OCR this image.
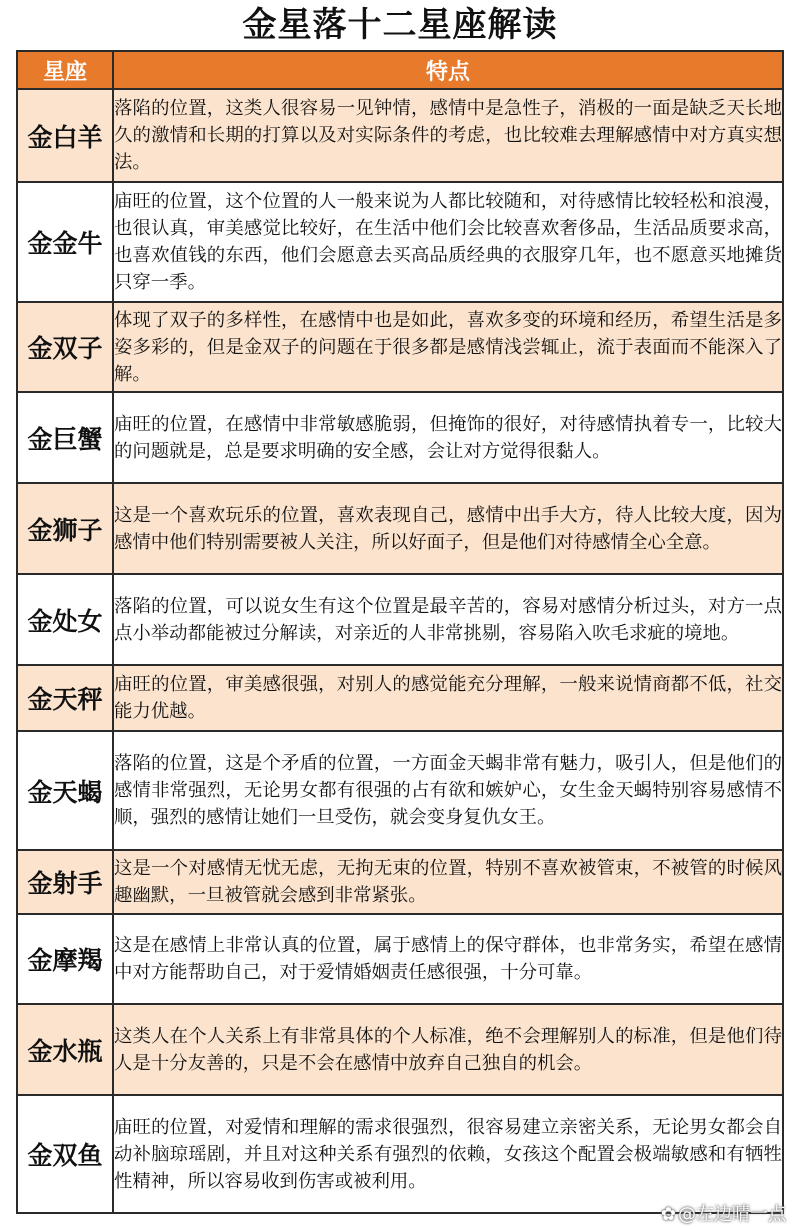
金星落十二星座解读
星座	特点
金白羊	落陷的位置，这类人很容易一见钟情，感情中是急性子，消极的一面是缺乏天长地久的激情和长期的打算以及对实际条件的考虑，也比较难去理解感情中对方真实想法。
金金牛	庙旺的位置，这个位置的人一般来说为人都比较随和，对待感情比较轻松和浪漫，也很认真，审美感觉比较好，在生活中他们会比较喜欢奢侈品，生活品质要求高，也喜欢值钱的东西，他们会愿意去买高品质经典的衣服穿几年，也不愿意买地摊货只穿一季。
金双子	体现了双子的多样性，在感情中也是如此，喜欢多变的环境和经历，希望生活是多姿多彩的，但是金双子的问题在于很多都是感情浅尝辄止，流于表面而不能深入了解。
金巨蟹	庙旺的位置，在感情中非常敏感脆弱，但掩饰的很好，对待感情执着专一，比较大的问题就是，总是要求明确的安全感，会让对方觉得很黏人。
金狮子	这是一个喜欢玩乐的位置，喜欢表现自己，感情中出手大方，待人比较大度，因为感情中他们特别需要被人关注，所以好面子，但是他们对待感情全心全意。
金处女	落陷的位置，可以说女生有这个位置是最辛苦的，容易对感情分析过头，对方一点点小举动都能被过分解读，对亲近的人非常挑剔，容易陷入吹毛求疵的境地。
金天秤	庙旺的位置，审美感很强，对别人的感觉能充分理解，一般来说情商都不低，社交能力优越。
金天蝎	落陷的位置，这是个矛盾的位置，一方面金天蝎非常有魅力，吸引人，但是他们的感情非常强烈，无论男女都有很强的占有欲和嫉妒心，女生金天蝎特别容易感情不顺，强烈的感情让她们一旦受伤，就会变身复仇女王。
金射手	这是一个对感情无忧无虑，无拘无束的位置，特别不喜欢被管束，不被管的时候风趣幽默，一旦被管就会感到非常紧张。
金摩羯	这是在感情上非常认真的位置，属于感情上的保守群体，也非常务实，希望在感情中对方能帮助自己，对于爱情婚姻责任感很强，十分可靠。
金水瓶	这类人在个人关系上有非常具体的个人标准，绝不会理解别人的标准，但是他们待人是十分友善的，只是不会在感情中放弃自己独自的机会。
金双鱼	庙旺的位置，对爱情和理解的需求很强烈，很容易建立亲密关系，无论男女都会自动补脑琼瑶剧，并且对这种关系有强烈的依赖，女孩这个配置会极端敏感和有牺牲性精神，所以容易收到伤害或被利用。
✿ @左边晴一点
